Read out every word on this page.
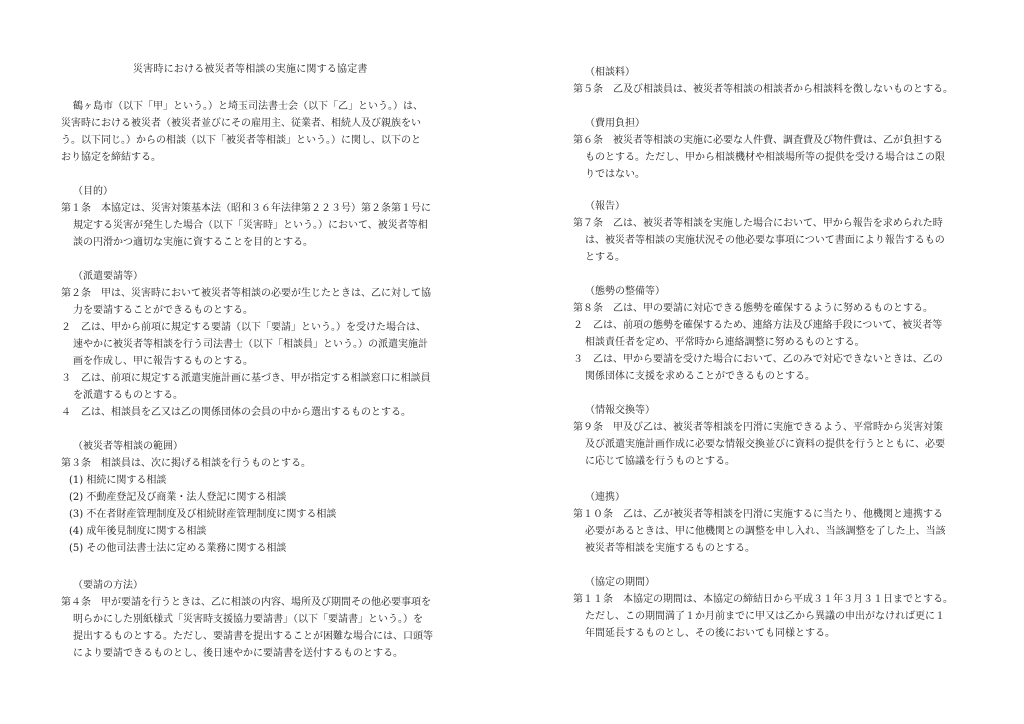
災害時における被災者等相談の実施に関する協定書
鶴ヶ島市（以下「甲」という。）と埼玉司法書士会（以下「乙」という。）は、
災害時における被災者（被災者並びにその雇用主、従業者、相続人及び親族をい
う。以下同じ。）からの相談（以下「被災者等相談」という。）に関し、以下のと
おり協定を締結する。
（目的）
第１条　本協定は、災害対策基本法（昭和３６年法律第２２３号）第２条第１号に
規定する災害が発生した場合（以下「災害時」という。）において、被災者等相
談の円滑かつ適切な実施に資することを目的とする。
（派遣要請等）
第２条　甲は、災害時において被災者等相談の必要が生じたときは、乙に対して協
力を要請することができるものとする。
２　乙は、甲から前項に規定する要請（以下「要請」という。）を受けた場合は、
速やかに被災者等相談を行う司法書士（以下「相談員」という。）の派遣実施計
画を作成し、甲に報告するものとする。
３　乙は、前項に規定する派遣実施計画に基づき、甲が指定する相談窓口に相談員
を派遣するものとする。
４　乙は、相談員を乙又は乙の関係団体の会員の中から選出するものとする。
（被災者等相談の範囲）
第３条　相談員は、次に掲げる相談を行うものとする。
(1) 相続に関する相談
(2) 不動産登記及び商業・法人登記に関する相談
(3) 不在者財産管理制度及び相続財産管理制度に関する相談
(4) 成年後見制度に関する相談
(5) その他司法書士法に定める業務に関する相談
（要請の方法）
第４条　甲が要請を行うときは、乙に相談の内容、場所及び期間その他必要事項を
明らかにした別紙様式「災害時支援協力要請書」（以下「要請書」という。）を
提出するものとする。ただし、要請書を提出することが困難な場合には、口頭等
により要請できるものとし、後日速やかに要請書を送付するものとする。
（相談料）
第５条　乙及び相談員は、被災者等相談の相談者から相談料を徴しないものとする。
（費用負担）
第６条　被災者等相談の実施に必要な人件費、調査費及び物件費は、乙が負担する
ものとする。ただし、甲から相談機材や相談場所等の提供を受ける場合はこの限
りではない。
（報告）
第７条　乙は、被災者等相談を実施した場合において、甲から報告を求められた時
は、被災者等相談の実施状況その他必要な事項について書面により報告するもの
とする。
（態勢の整備等）
第８条　乙は、甲の要請に対応できる態勢を確保するように努めるものとする。
２　乙は、前項の態勢を確保するため、連絡方法及び連絡手段について、被災者等
相談責任者を定め、平常時から連絡調整に努めるものとする。
３　乙は、甲から要請を受けた場合において、乙のみで対応できないときは、乙の
関係団体に支援を求めることができるものとする。
（情報交換等）
第９条　甲及び乙は、被災者等相談を円滑に実施できるよう、平常時から災害対策
及び派遣実施計画作成に必要な情報交換並びに資料の提供を行うとともに、必要
に応じて協議を行うものとする。
（連携）
第１０条　乙は、乙が被災者等相談を円滑に実施するに当たり、他機関と連携する
必要があるときは、甲に他機関との調整を申し入れ、当該調整を了した上、当該
被災者等相談を実施するものとする。
（協定の期間）
第１１条　本協定の期間は、本協定の締結日から平成３１年３月３１日までとする。
ただし、この期間満了１か月前までに甲又は乙から異議の申出がなければ更に１
年間延長するものとし、その後においても同様とする。
